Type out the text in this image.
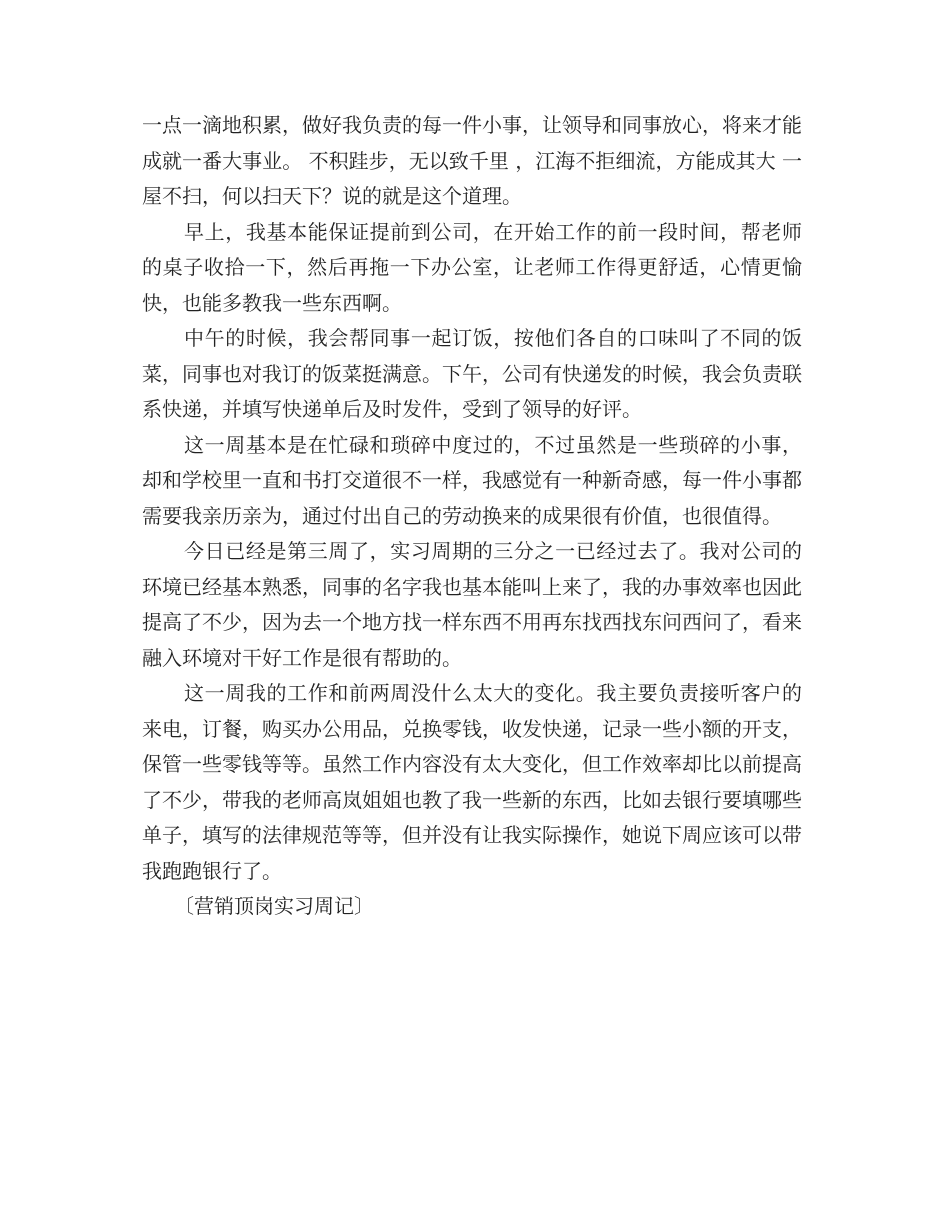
一点一滴地积累，做好我负责的每一件小事，让领导和同事放心，将来才能成就一番大事业。 不积跬步，无以致千里 ，江海不拒细流，方能成其大 一屋不扫，何以扫天下？说的就是这个道理。

早上，我基本能保证提前到公司，在开始工作的前一段时间，帮老师的桌子收拾一下，然后再拖一下办公室，让老师工作得更舒适，心情更愉快，也能多教我一些东西啊。

中午的时候，我会帮同事一起订饭，按他们各自的口味叫了不同的饭菜，同事也对我订的饭菜挺满意。下午，公司有快递发的时候，我会负责联系快递，并填写快递单后及时发件，受到了领导的好评。

这一周基本是在忙碌和琐碎中度过的，不过虽然是一些琐碎的小事，却和学校里一直和书打交道很不一样，我感觉有一种新奇感，每一件小事都需要我亲历亲为，通过付出自己的劳动换来的成果很有价值，也很值得。

今日已经是第三周了，实习周期的三分之一已经过去了。我对公司的环境已经基本熟悉，同事的名字我也基本能叫上来了，我的办事效率也因此提高了不少，因为去一个地方找一样东西不用再东找西找东问西问了，看来融入环境对干好工作是很有帮助的。

这一周我的工作和前两周没什么太大的变化。我主要负责接听客户的来电，订餐，购买办公用品，兑换零钱，收发快递，记录一些小额的开支，保管一些零钱等等。虽然工作内容没有太大变化，但工作效率却比以前提高了不少，带我的老师高岚姐姐也教了我一些新的东西，比如去银行要填哪些单子，填写的法律规范等等，但并没有让我实际操作，她说下周应该可以带我跑跑银行了。

〔营销顶岗实习周记〕
